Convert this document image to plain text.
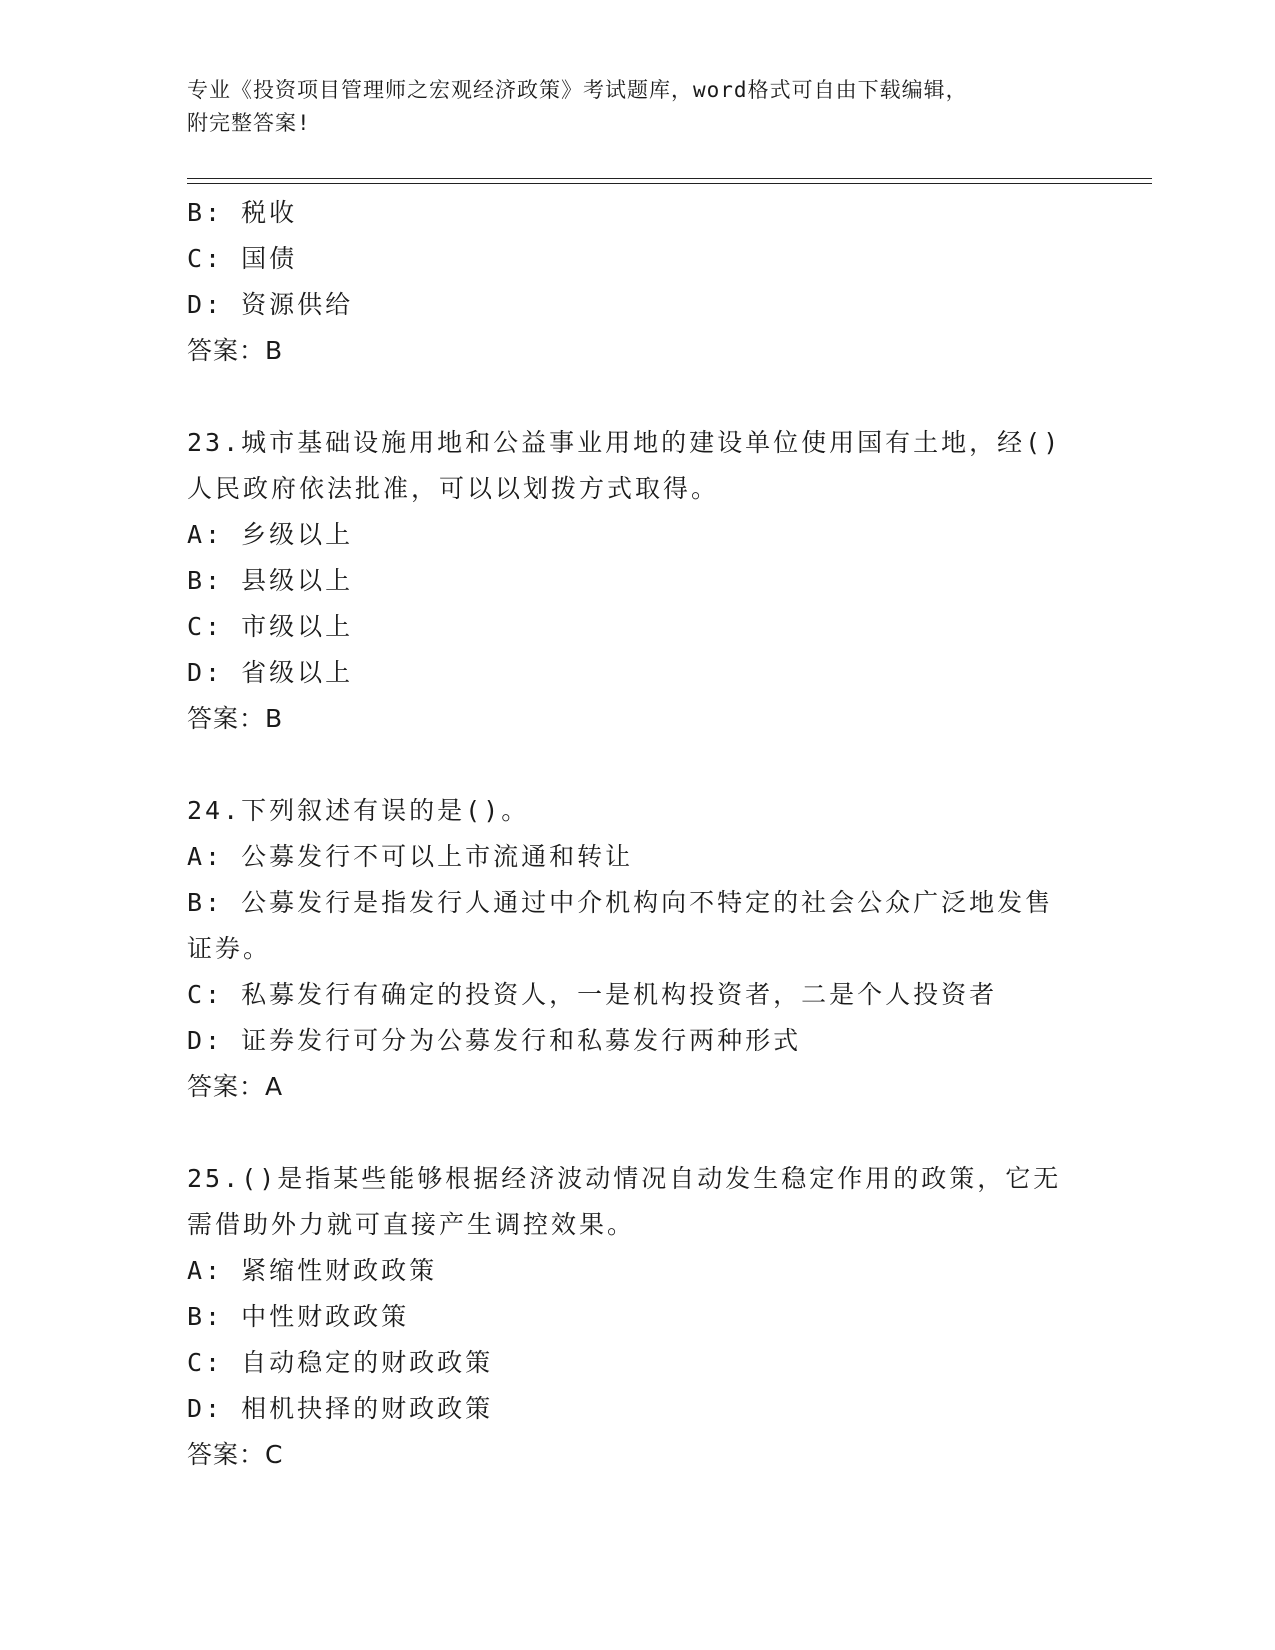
专业《投资项目管理师之宏观经济政策》考试题库，word格式可自由下载编辑，
附完整答案!
B: 税收
C: 国债
D: 资源供给
答案：B
23.城市基础设施用地和公益事业用地的建设单位使用国有土地，经()
人民政府依法批准，可以以划拨方式取得。
A: 乡级以上
B: 县级以上
C: 市级以上
D: 省级以上
答案：B
24.下列叙述有误的是()。
A: 公募发行不可以上市流通和转让
B: 公募发行是指发行人通过中介机构向不特定的社会公众广泛地发售
证券。
C: 私募发行有确定的投资人，一是机构投资者，二是个人投资者
D: 证券发行可分为公募发行和私募发行两种形式
答案：A
25.()是指某些能够根据经济波动情况自动发生稳定作用的政策，它无
需借助外力就可直接产生调控效果。
A: 紧缩性财政政策
B: 中性财政政策
C: 自动稳定的财政政策
D: 相机抉择的财政政策
答案：C
